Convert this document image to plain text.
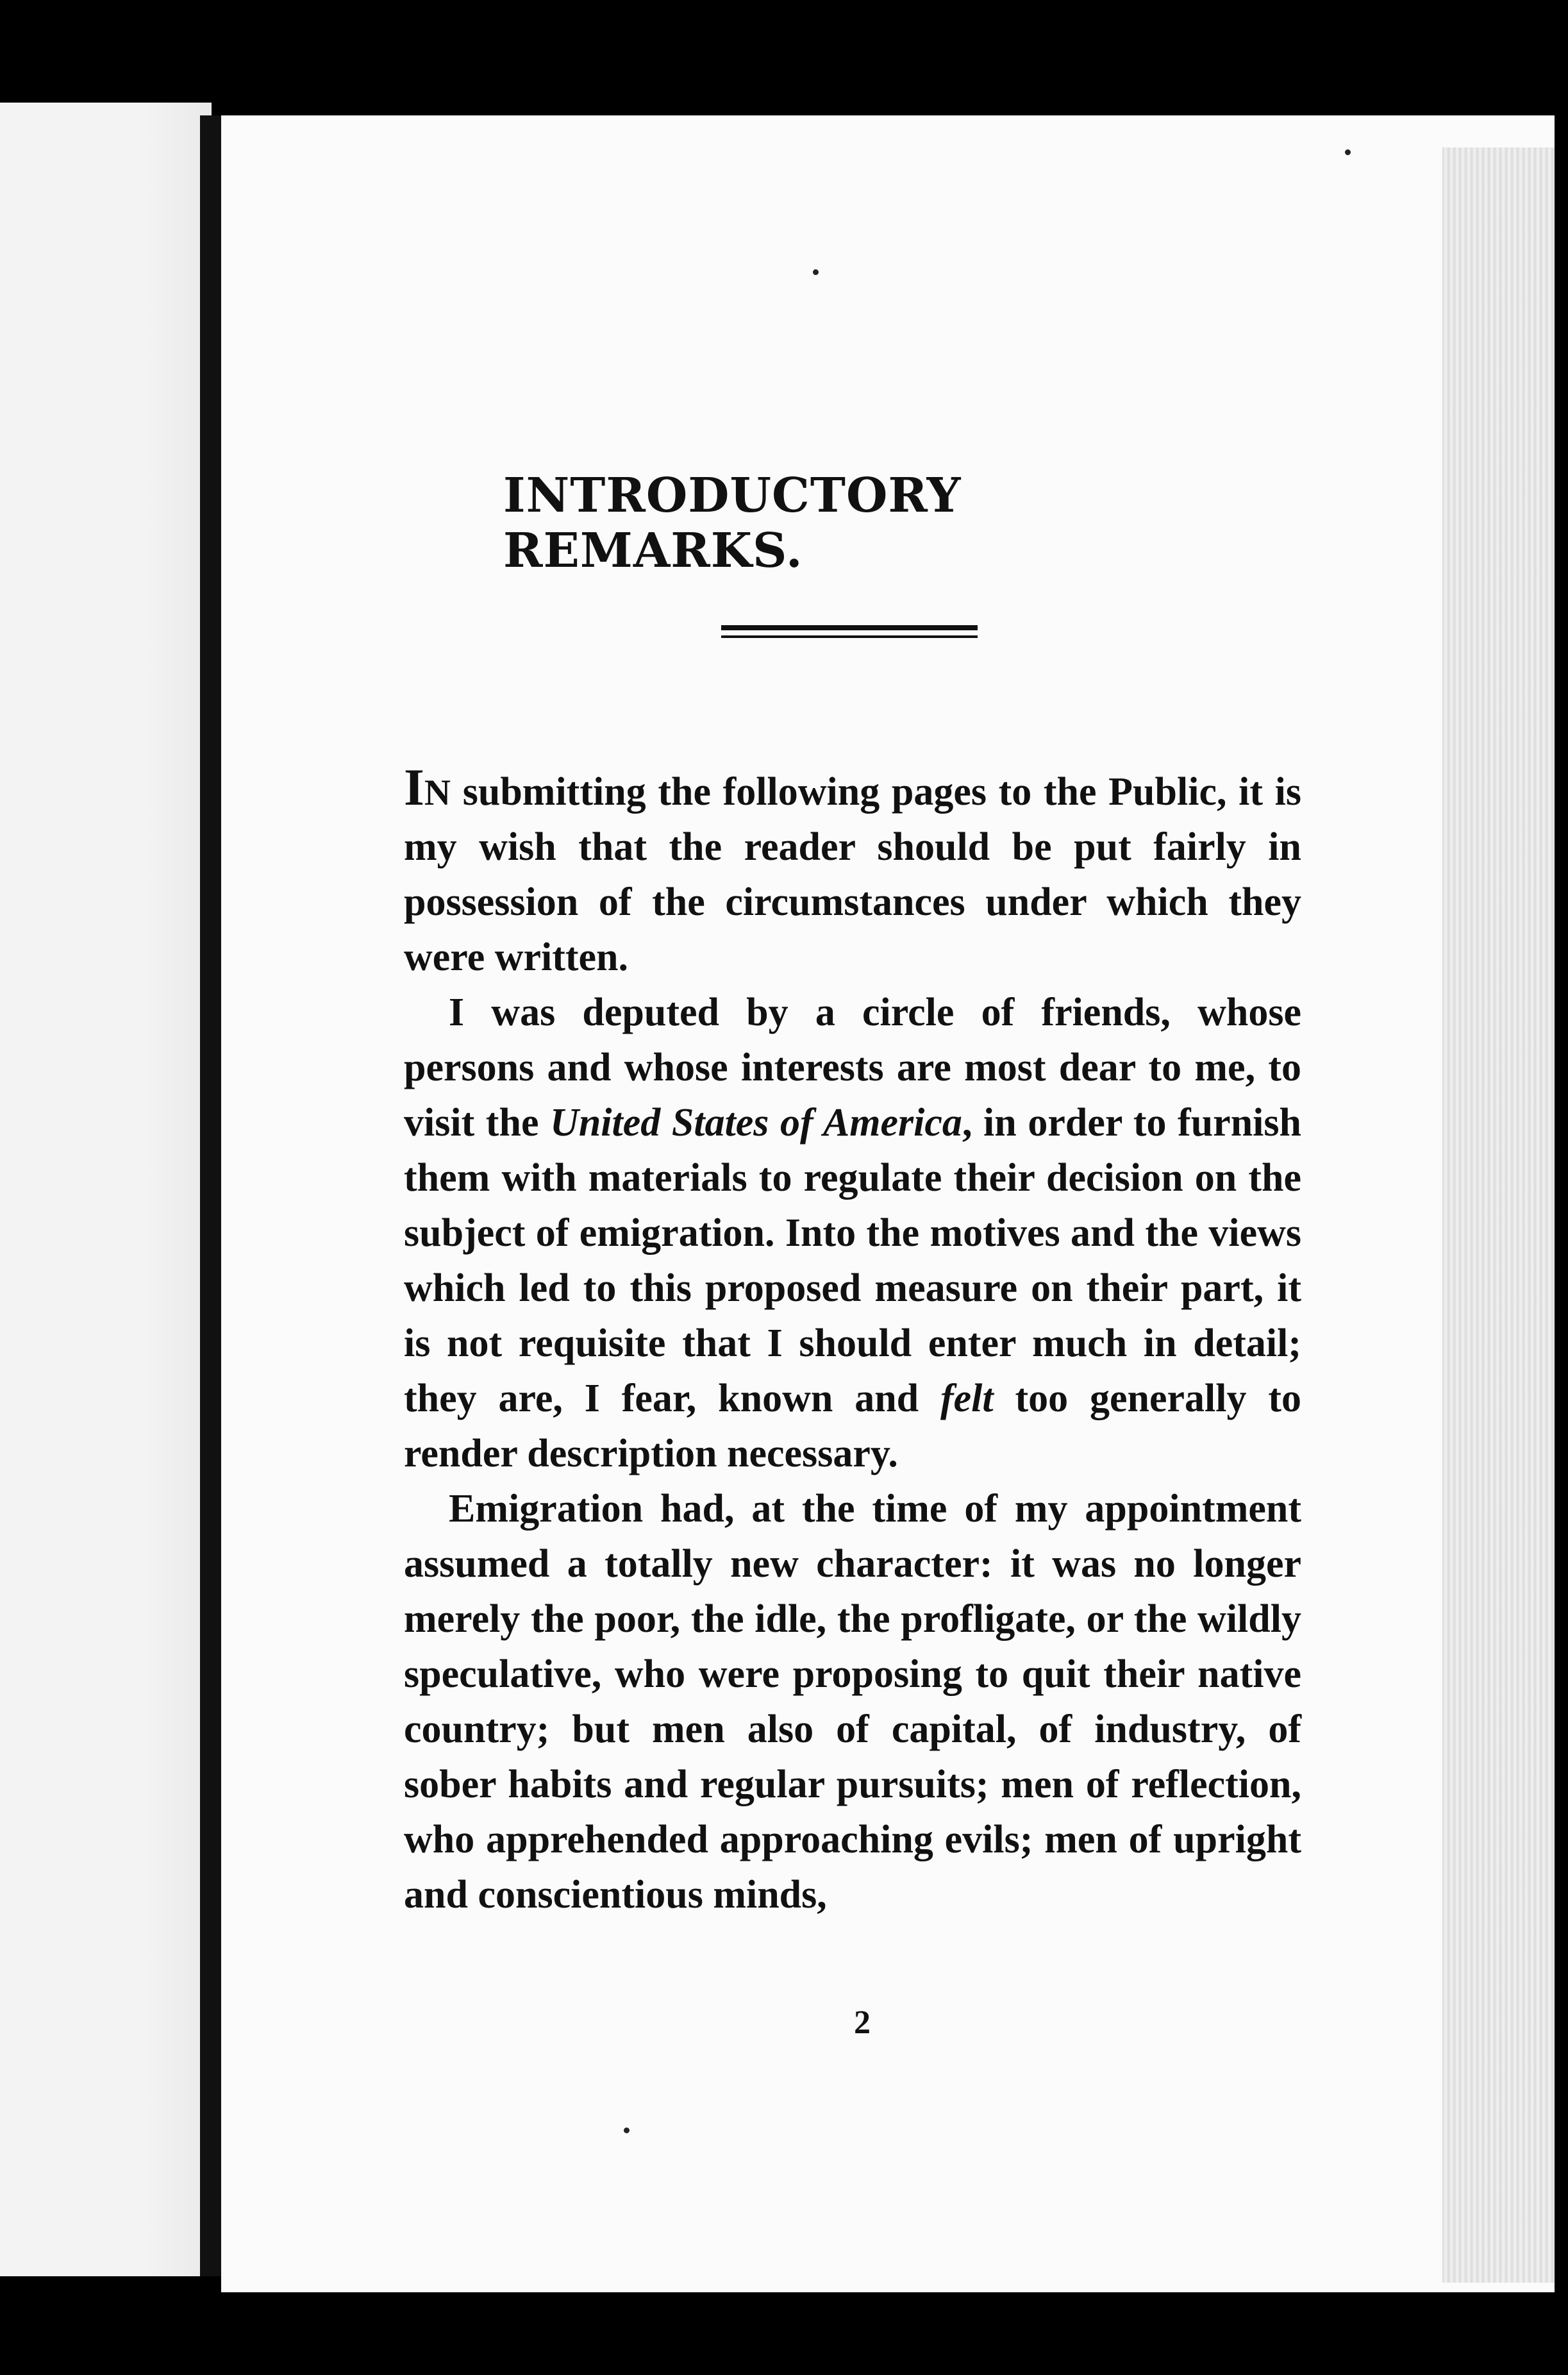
INTRODUCTORY REMARKS.

In submitting the following pages to the Public, it is my wish that the reader should be put fairly in possession of the circumstances under which they were written.

I was deputed by a circle of friends, whose persons and whose interests are most dear to me, to visit the United States of America, in order to furnish them with materials to regulate their decision on the subject of emigration. Into the motives and the views which led to this proposed measure on their part, it is not requisite that I should enter much in detail; they are, I fear, known and felt too generally to render description necessary.

Emigration had, at the time of my appointment assumed a totally new character: it was no longer merely the poor, the idle, the profligate, or the wildly speculative, who were proposing to quit their native country; but men also of capital, of industry, of sober habits and regular pursuits; men of reflection, who apprehended approaching evils; men of upright and conscientious minds,

2
